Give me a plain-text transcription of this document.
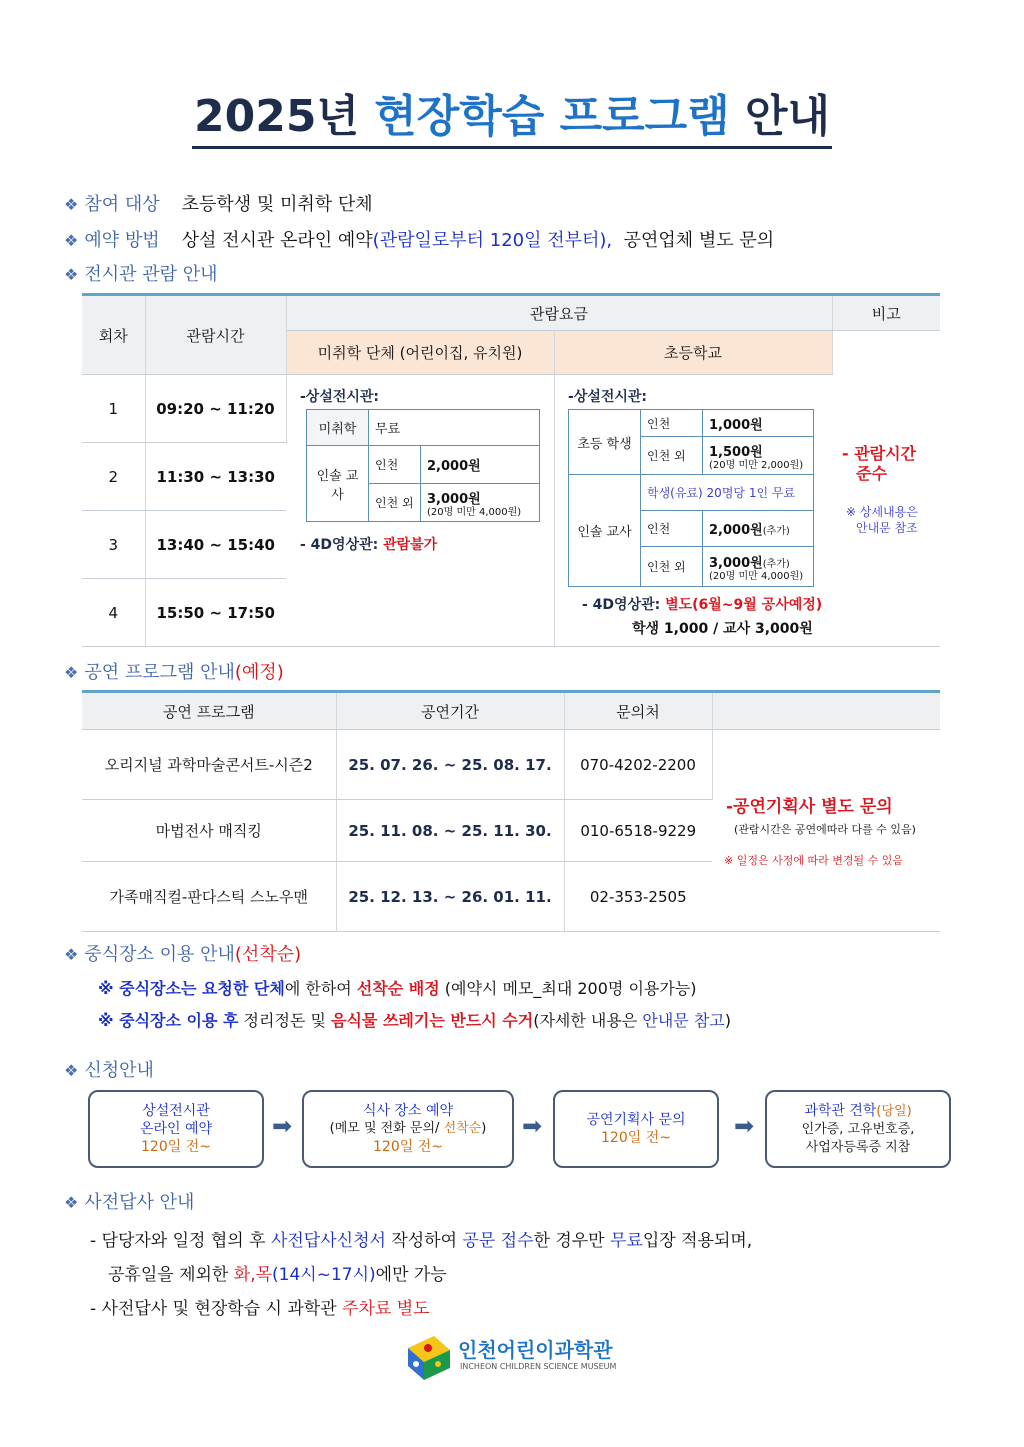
2025년 현장학습 프로그램 안내
❖ 참여 대상 초등학생 및 미취학 단체
❖ 예약 방법 상설 전시관 온라인 예약(관람일로부터 120일 전부터), 공연업체 별도 문의
❖ 전시관 관람 안내
회차	관람시간	관람요금		비고
		미취학 단체 (어린이집, 유치원)	초등학교	
1	09:20 ~ 11:20			
2	11:30 ~ 13:30			
3	13:40 ~ 15:40			
4	15:50 ~ 17:50			
-상설전시관:
미취학	무료	
인솔 교사	인천	2,000원
	인천 외	3,000원
(20명 미만 4,000원)
- 4D영상관: 관람불가
-상설전시관:
초등 학생	인천	1,000원
	인천 외	1,500원
(20명 미만 2,000원)

인솔 교사	학생(유료) 20명당 1인 무료	
	인천	2,000원(추가)
	인천 외	3,000원(추가)
(20명 미만 4,000원)
- 4D영상관: 별도(6월~9월 공사예정)
학생 1,000 / 교사 3,000원
- 관람시간
준수
※ 상세내용은
안내문 참조
❖ 공연 프로그램 안내(예정)
공연 프로그램	공연기간	문의처	
오리지널 과학마술콘서트-시즌2	25. 07. 26. ~ 25. 08. 17.	070-4202-2200	
마법전사 매직킹	25. 11. 08. ~ 25. 11. 30.	010-6518-9229	
가족매직컬-판다스틱 스노우맨	25. 12. 13. ~ 26. 01. 11.	02-353-2505	
-공연기획사 별도 문의
(관람시간은 공연에따라 다를 수 있음)
※ 일정은 사정에 따라 변경될 수 있음
❖ 중식장소 이용 안내(선착순)
※ 중식장소는 요청한 단체에 한하여 선착순 배정 (예약시 메모_최대 200명 이용가능)
※ 중식장소 이용 후 정리정돈 및 음식물 쓰레기는 반드시 수거(자세한 내용은 안내문 참고)
❖ 신청안내
상설전시관
온라인 예약
120일 전~
➡
식사 장소 예약
(메모 및 전화 문의/ 선착순)
120일 전~
➡	공연기획사 문의
120일 전~	➡
과학관 견학(당일)
인가증, 고유번호증,
사업자등록증 지참
❖ 사전답사 안내
- 담당자와 일정 협의 후 사전답사신청서 작성하여 공문 접수한 경우만 무료입장 적용되며,
공휴일을 제외한 화,목(14시~17시)에만 가능
- 사전답사 및 현장학습 시 과학관 주차료 별도
인천어린이과학관
INCHEON CHILDREN SCIENCE MUSEUM
